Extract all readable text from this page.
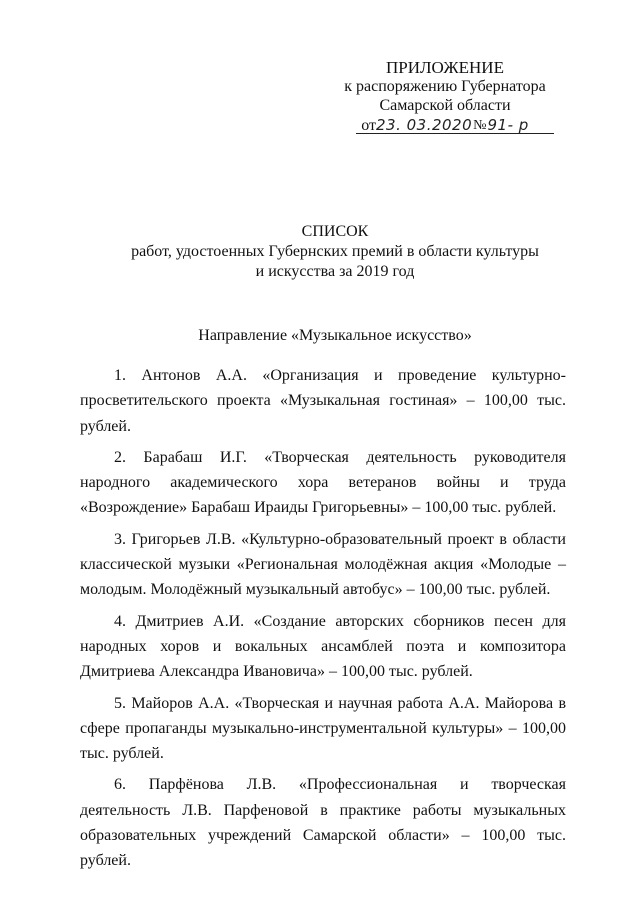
ПРИЛОЖЕНИЕ
к распоряжению Губернатора
Самарской области
от 23. 03.2020 № 91- р
СПИСОК
работ, удостоенных Губернских премий в области культуры
и искусства за 2019 год
Направление «Музыкальное искусство»

1. Антонов А.А. «Организация и проведение культурно-просветительского проекта «Музыкальная гостиная» – 100,00 тыс. рублей.

2. Барабаш И.Г. «Творческая деятельность руководителя народного академического хора ветеранов войны и труда «Возрождение» Барабаш Ираиды Григорьевны» – 100,00 тыс. рублей.

3. Григорьев Л.В. «Культурно-образовательный проект в области классической музыки «Региональная молодёжная акция «Молодые – молодым. Молодёжный музыкальный автобус» – 100,00 тыс. рублей.

4. Дмитриев А.И. «Создание авторских сборников песен для народных хоров и вокальных ансамблей поэта и композитора Дмитриева Александра Ивановича» – 100,00 тыс. рублей.

5. Майоров А.А. «Творческая и научная работа А.А. Майорова в сфере пропаганды музыкально-инструментальной культуры» – 100,00 тыс. рублей.

6. Парфёнова Л.В. «Профессиональная и творческая деятельность Л.В. Парфеновой в практике работы музыкальных образовательных учреждений Самарской области» – 100,00 тыс. рублей.
